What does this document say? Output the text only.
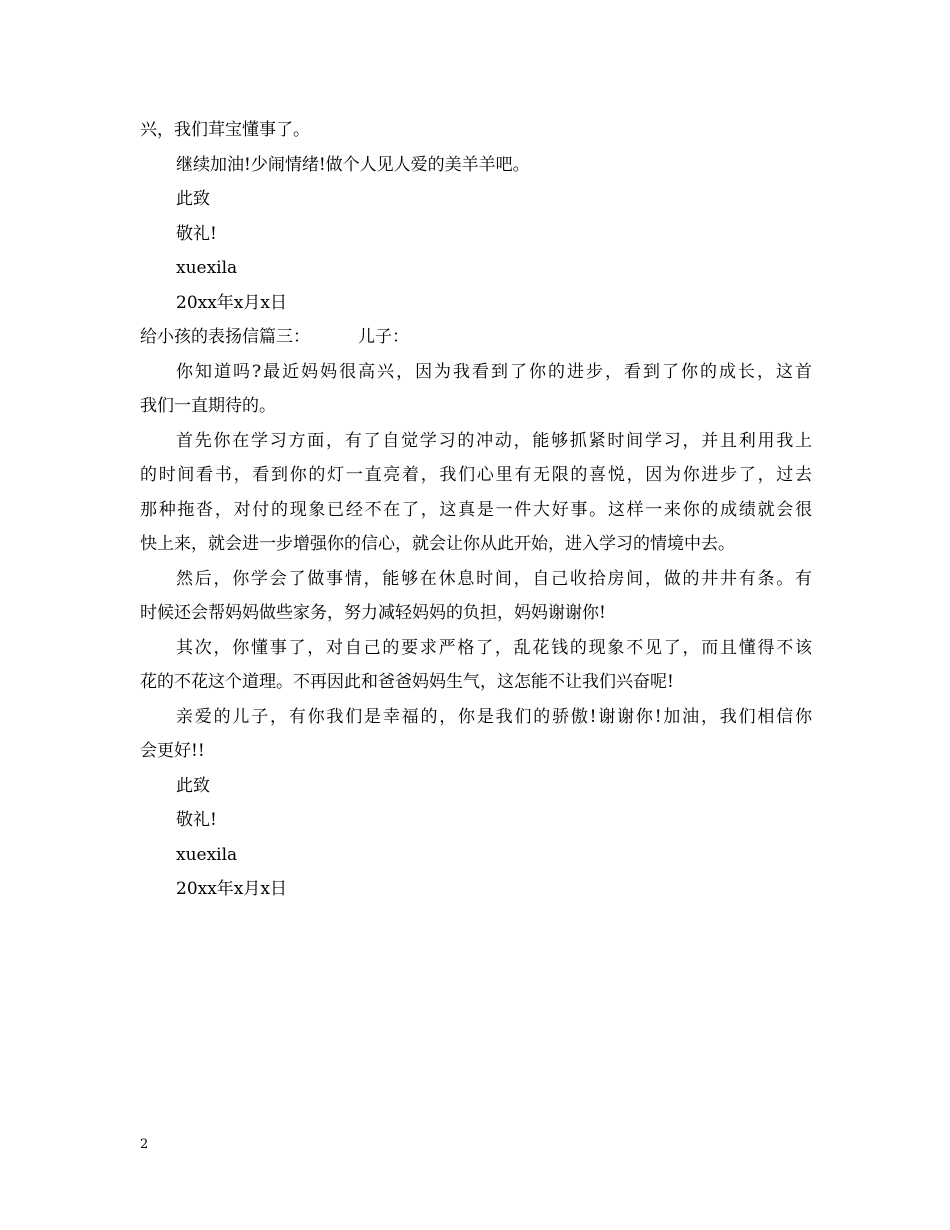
兴，我们茸宝懂事了。
继续加油!少闹情绪!做个人见人爱的美羊羊吧。
此致
敬礼!
xuexila
20xx年x月x日
给小孩的表扬信篇三：	儿子：
你知道吗?最近妈妈很高兴，因为我看到了你的进步，看到了你的成长，这首
我们一直期待的。
首先你在学习方面，有了自觉学习的冲动，能够抓紧时间学习，并且利用我上
的时间看书，看到你的灯一直亮着，我们心里有无限的喜悦，因为你进步了，过去
那种拖沓，对付的现象已经不在了，这真是一件大好事。这样一来你的成绩就会很
快上来，就会进一步增强你的信心，就会让你从此开始，进入学习的情境中去。
然后，你学会了做事情，能够在休息时间，自己收拾房间，做的井井有条。有
时候还会帮妈妈做些家务，努力减轻妈妈的负担，妈妈谢谢你!
其次，你懂事了，对自己的要求严格了，乱花钱的现象不见了，而且懂得不该
花的不花这个道理。不再因此和爸爸妈妈生气，这怎能不让我们兴奋呢!
亲爱的儿子，有你我们是幸福的，你是我们的骄傲!谢谢你!加油，我们相信你
会更好!!
此致
敬礼!
xuexila
20xx年x月x日
2
